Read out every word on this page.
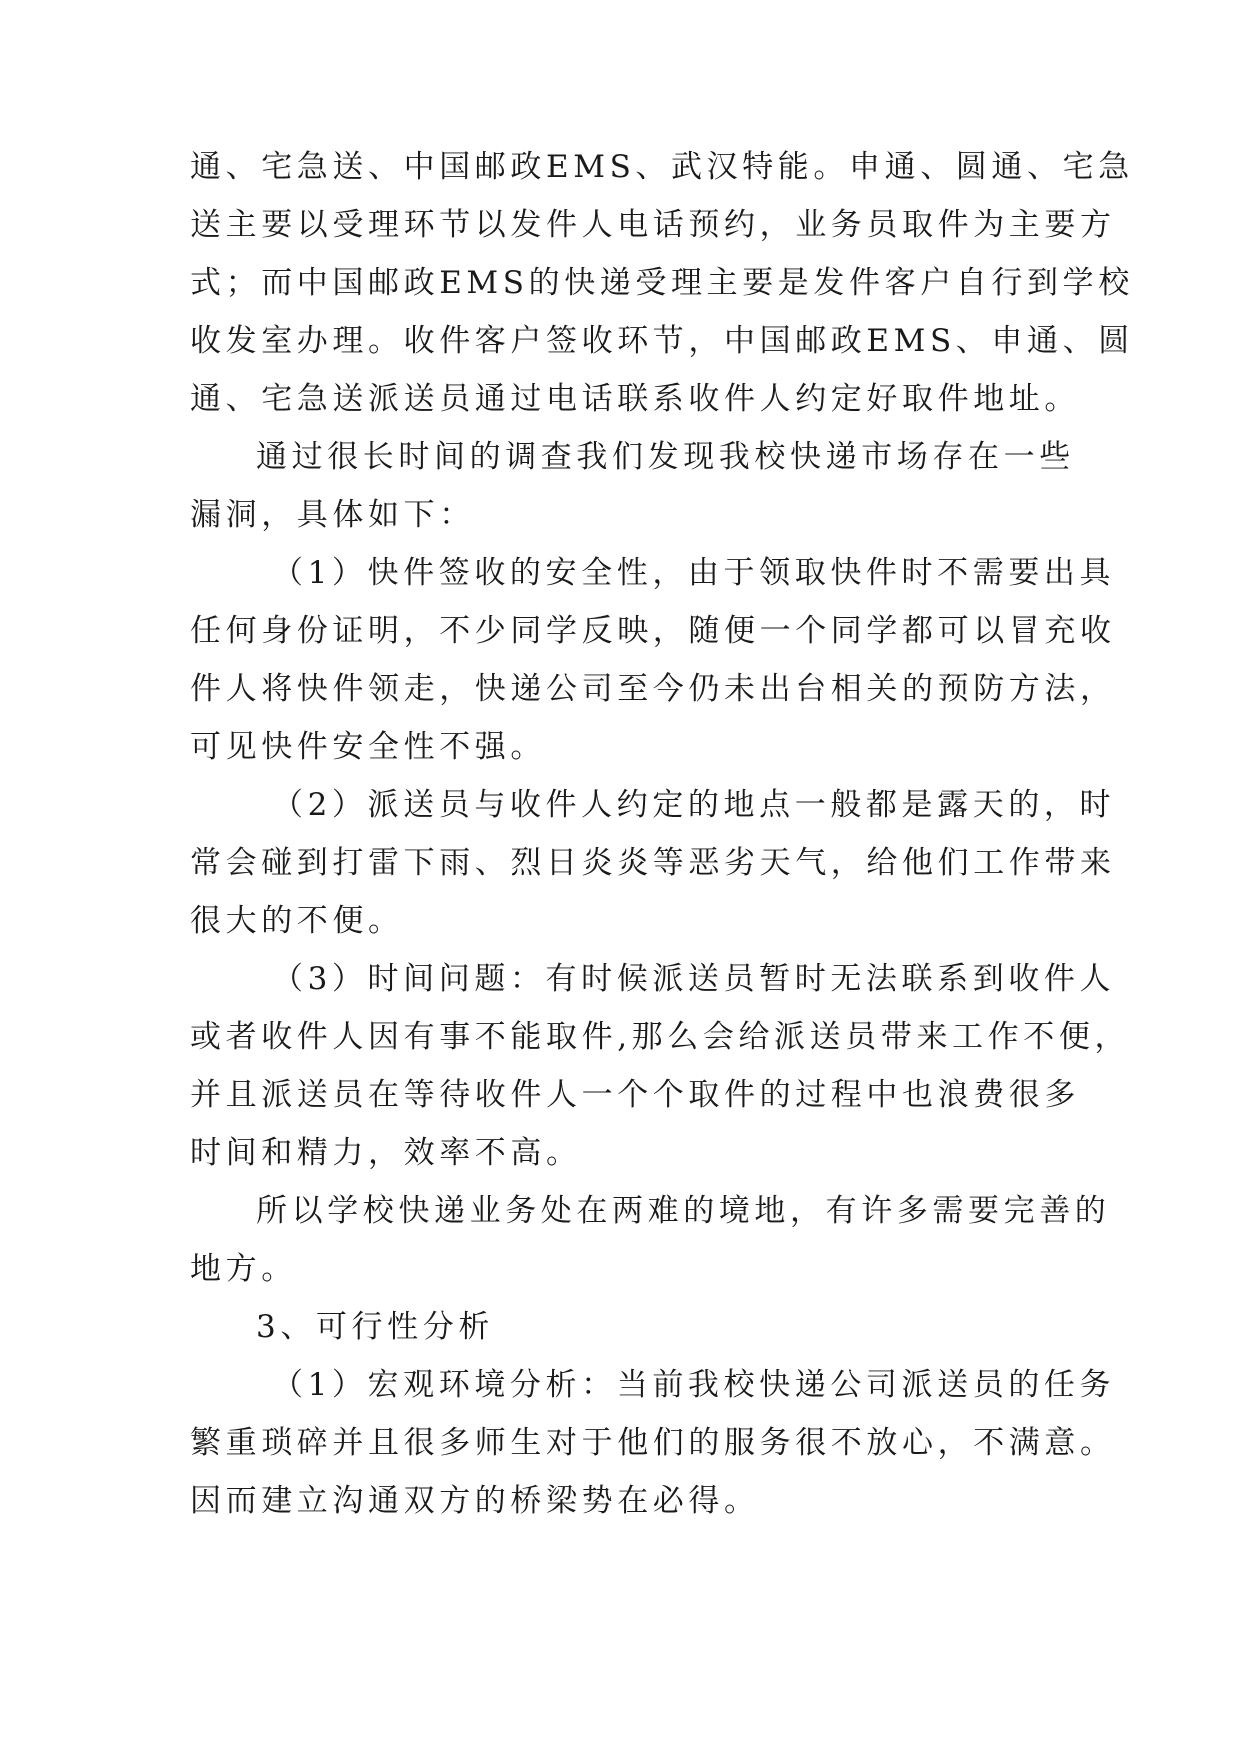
通、宅急送、中国邮政EMS、武汉特能。申通、圆通、宅急
送主要以受理环节以发件人电话预约，业务员取件为主要方
式；而中国邮政EMS的快递受理主要是发件客户自行到学校
收发室办理。收件客户签收环节，中国邮政EMS、申通、圆
通、宅急送派送员通过电话联系收件人约定好取件地址。
通过很长时间的调查我们发现我校快递市场存在一些
漏洞，具体如下：
（1）快件签收的安全性，由于领取快件时不需要出具
任何身份证明，不少同学反映，随便一个同学都可以冒充收
件人将快件领走，快递公司至今仍未出台相关的预防方法，
可见快件安全性不强。
（2）派送员与收件人约定的地点一般都是露天的，时
常会碰到打雷下雨、烈日炎炎等恶劣天气，给他们工作带来
很大的不便。
（3）时间问题：有时候派送员暂时无法联系到收件人
或者收件人因有事不能取件,那么会给派送员带来工作不便，
并且派送员在等待收件人一个个取件的过程中也浪费很多
时间和精力，效率不高。
所以学校快递业务处在两难的境地，有许多需要完善的
地方。
3、可行性分析
（1）宏观环境分析：当前我校快递公司派送员的任务
繁重琐碎并且很多师生对于他们的服务很不放心，不满意。
因而建立沟通双方的桥梁势在必得。
